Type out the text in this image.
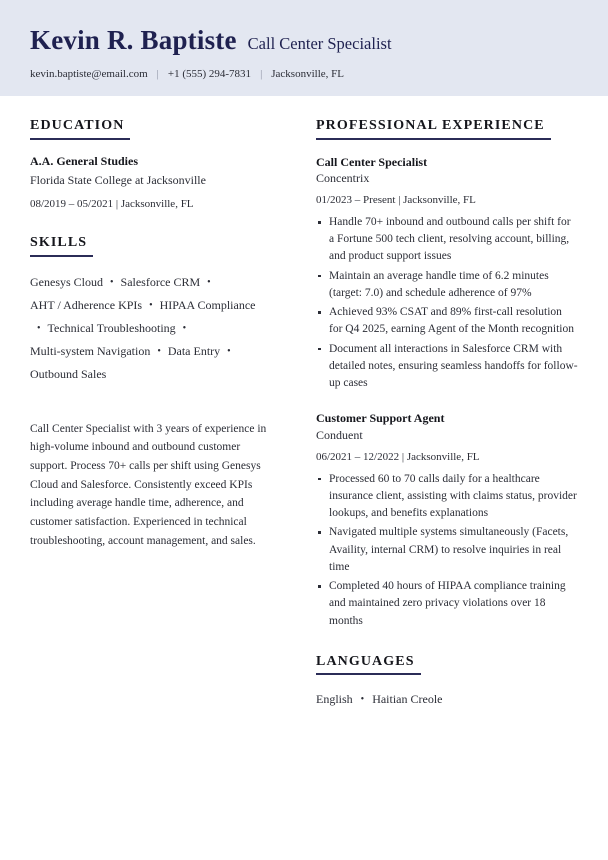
Kevin R. Baptiste Call Center Specialist
kevin.baptiste@email.com | +1 (555) 294-7831 | Jacksonville, FL
EDUCATION
A.A. General Studies
Florida State College at Jacksonville
08/2019 – 05/2021 | Jacksonville, FL
SKILLS
Genesys Cloud • Salesforce CRM •AHT / Adherence KPIs • HIPAA Compliance• Technical Troubleshooting •Multi-system Navigation • Data Entry •Outbound Sales
Call Center Specialist with 3 years of experience in high-volume inbound and outbound customer support. Process 70+ calls per shift using Genesys Cloud and Salesforce. Consistently exceed KPIs including average handle time, adherence, and customer satisfaction. Experienced in technical troubleshooting, account management, and sales.
PROFESSIONAL EXPERIENCE
Call Center Specialist
Concentrix
01/2023 – Present | Jacksonville, FL
Handle 70+ inbound and outbound calls per shift for a Fortune 500 tech client, resolving account, billing, and product support issues
Maintain an average handle time of 6.2 minutes (target: 7.0) and schedule adherence of 97%
Achieved 93% CSAT and 89% first-call resolution for Q4 2025, earning Agent of the Month recognition
Document all interactions in Salesforce CRM with detailed notes, ensuring seamless handoffs for follow-up cases
Customer Support Agent
Conduent
06/2021 – 12/2022 | Jacksonville, FL
Processed 60 to 70 calls daily for a healthcare insurance client, assisting with claims status, provider lookups, and benefits explanations
Navigated multiple systems simultaneously (Facets, Availity, internal CRM) to resolve inquiries in real time
Completed 40 hours of HIPAA compliance training and maintained zero privacy violations over 18 months
LANGUAGES
English • Haitian Creole
